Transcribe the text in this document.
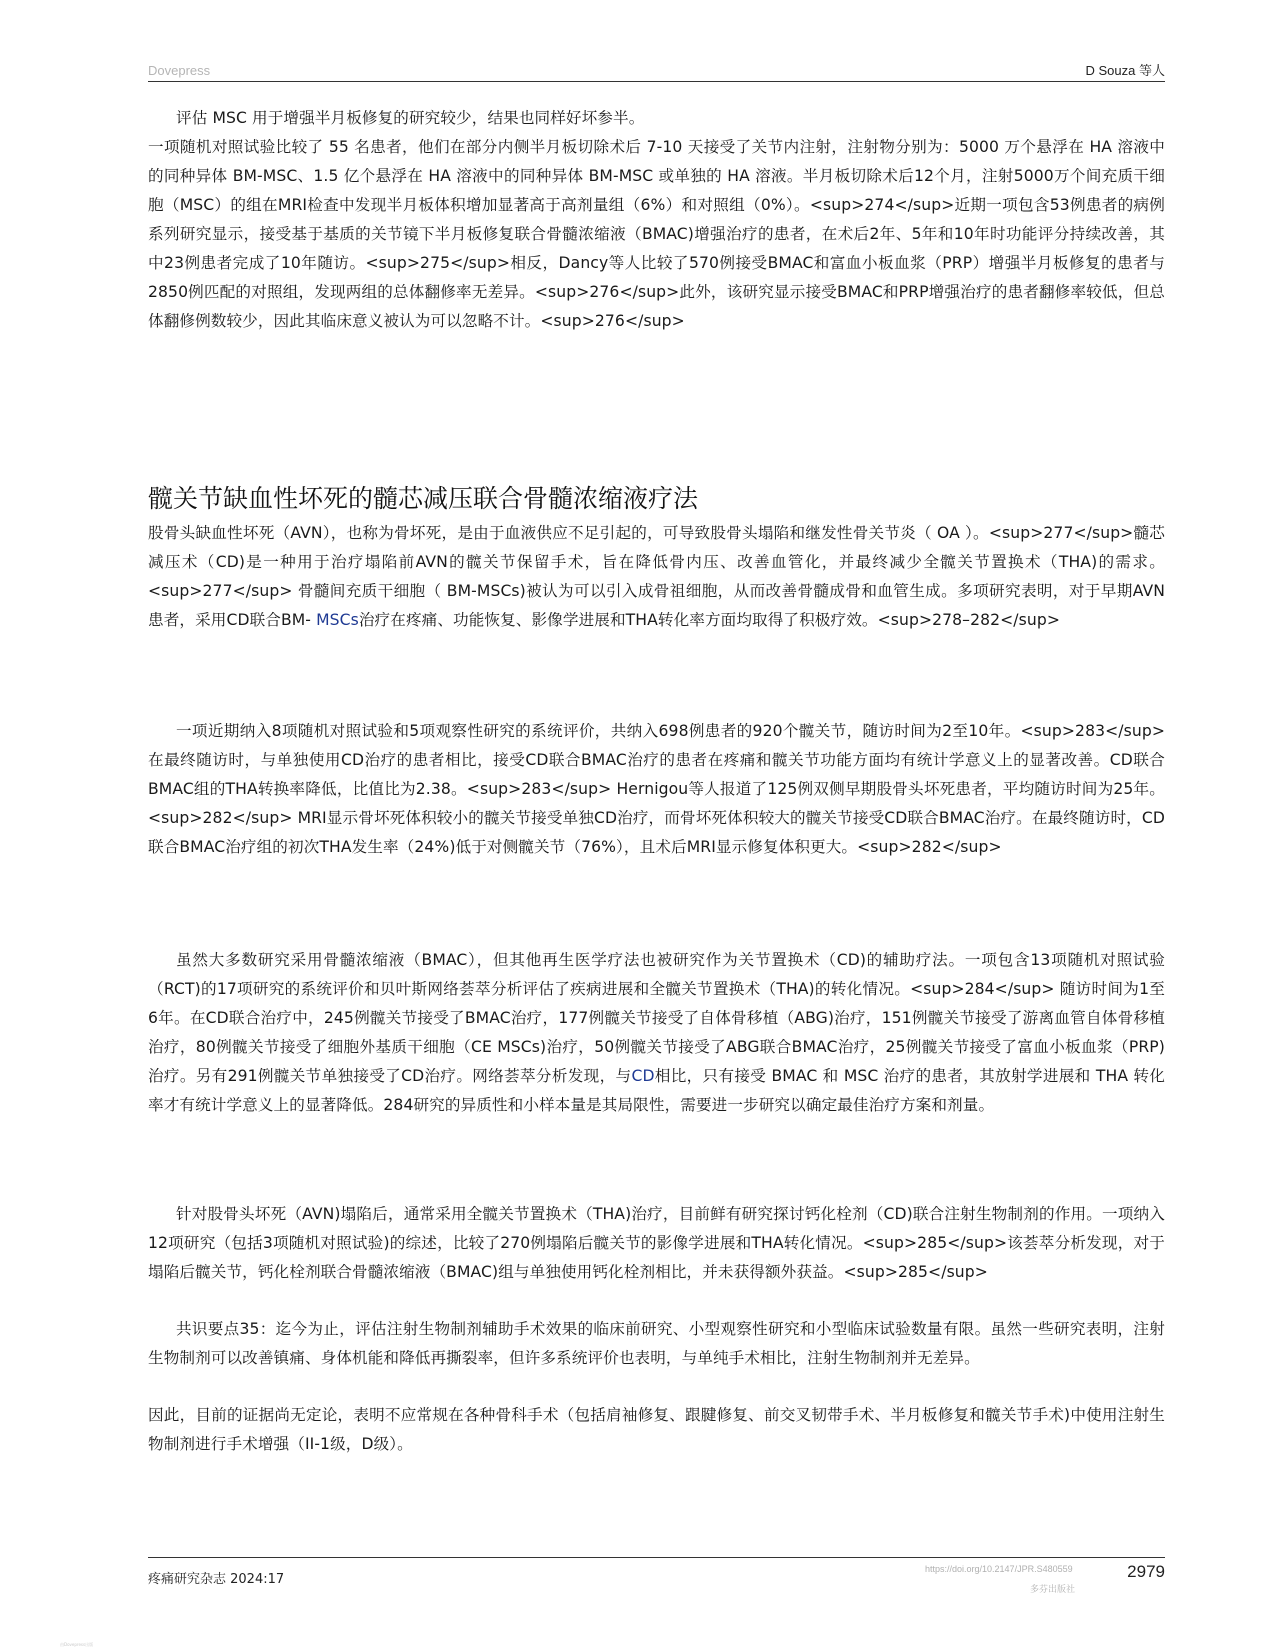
Dovepress	D Souza 等人

评估 MSC 用于增强半月板修复的研究较少，结果也同样好坏参半。

一项随机对照试验比较了 55 名患者，他们在部分内侧半月板切除术后 7-10 天接受了关节内注射，注射物分别为：5000 万个悬浮在 HA 溶液中的同种异体 BM-MSC、1.5 亿个悬浮在 HA 溶液中的同种异体 BM-MSC 或单独的 HA 溶液。半月板切除术后12个月，注射5000万个间充质干细胞（MSC）的组在MRI检查中发现半月板体积增加显著高于高剂量组（6%）和对照组（0%）。<sup>274</sup>近期一项包含53例患者的病例系列研究显示，接受基于基质的关节镜下半月板修复联合骨髓浓缩液（BMAC)增强治疗的患者，在术后2年、5年和10年时功能评分持续改善，其中23例患者完成了10年随访。<sup>275</sup>相反，Dancy等人比较了570例接受BMAC和富血小板血浆（PRP）增强半月板修复的患者与2850例匹配的对照组，发现两组的总体翻修率无差异。<sup>276</sup>此外，该研究显示接受BMAC和PRP增强治疗的患者翻修率较低，但总体翻修例数较少，因此其临床意义被认为可以忽略不计。<sup>276</sup>

髋关节缺血性坏死的髓芯减压联合骨髓浓缩液疗法

股骨头缺血性坏死（AVN），也称为骨坏死，是由于血液供应不足引起的，可导致股骨头塌陷和继发性骨关节炎（ OA ）。<sup>277</sup>髓芯减压术（CD)是一种用于治疗塌陷前AVN的髋关节保留手术，旨在降低骨内压、改善血管化，并最终减少全髋关节置换术（THA)的需求。<sup>277</sup> 骨髓间充质干细胞（ BM-MSCs)被认为可以引入成骨祖细胞，从而改善骨髓成骨和血管生成。多项研究表明，对于早期AVN患者，采用CD联合BM- MSCs治疗在疼痛、功能恢复、影像学进展和THA转化率方面均取得了积极疗效。<sup>278–282</sup>

一项近期纳入8项随机对照试验和5项观察性研究的系统评价，共纳入698例患者的920个髋关节，随访时间为2至10年。<sup>283</sup>在最终随访时，与单独使用CD治疗的患者相比，接受CD联合BMAC治疗的患者在疼痛和髋关节功能方面均有统计学意义上的显著改善。CD联合BMAC组的THA转换率降低，比值比为2.38。<sup>283</sup> Hernigou等人报道了125例双侧早期股骨头坏死患者，平均随访时间为25年。<sup>282</sup> MRI显示骨坏死体积较小的髋关节接受单独CD治疗，而骨坏死体积较大的髋关节接受CD联合BMAC治疗。在最终随访时，CD联合BMAC治疗组的初次THA发生率（24%)低于对侧髋关节（76%），且术后MRI显示修复体积更大。<sup>282</sup>

虽然大多数研究采用骨髓浓缩液（BMAC），但其他再生医学疗法也被研究作为关节置换术（CD)的辅助疗法。一项包含13项随机对照试验（RCT)的17项研究的系统评价和贝叶斯网络荟萃分析评估了疾病进展和全髋关节置换术（THA)的转化情况。<sup>284</sup> 随访时间为1至6年。在CD联合治疗中，245例髋关节接受了BMAC治疗，177例髋关节接受了自体骨移植（ABG)治疗，151例髋关节接受了游离血管自体骨移植治疗，80例髋关节接受了细胞外基质干细胞（CE MSCs)治疗，50例髋关节接受了ABG联合BMAC治疗，25例髋关节接受了富血小板血浆（PRP)治疗。另有291例髋关节单独接受了CD治疗。网络荟萃分析发现，与CD相比，只有接受 BMAC 和 MSC 治疗的患者，其放射学进展和 THA 转化率才有统计学意义上的显著降低。284研究的异质性和小样本量是其局限性，需要进一步研究以确定最佳治疗方案和剂量。

针对股骨头坏死（AVN)塌陷后，通常采用全髋关节置换术（THA)治疗，目前鲜有研究探讨钙化栓剂（CD)联合注射生物制剂的作用。一项纳入12项研究（包括3项随机对照试验)的综述，比较了270例塌陷后髋关节的影像学进展和THA转化情况。<sup>285</sup>该荟萃分析发现，对于塌陷后髋关节，钙化栓剂联合骨髓浓缩液（BMAC)组与单独使用钙化栓剂相比，并未获得额外获益。<sup>285</sup>

共识要点35：迄今为止，评估注射生物制剂辅助手术效果的临床前研究、小型观察性研究和小型临床试验数量有限。虽然一些研究表明，注射生物制剂可以改善镇痛、身体机能和降低再撕裂率，但许多系统评价也表明，与单纯手术相比，注射生物制剂并无差异。

因此，目前的证据尚无定论，表明不应常规在各种骨科手术（包括肩袖修复、跟腱修复、前交叉韧带手术、半月板修复和髋关节手术)中使用注射生物制剂进行手术增强（II-1级，D级）。

疼痛研究杂志 2024:17
https://doi.org/10.2147/JPR.S480559
多芬出版社
2979
由Dovepress出版
